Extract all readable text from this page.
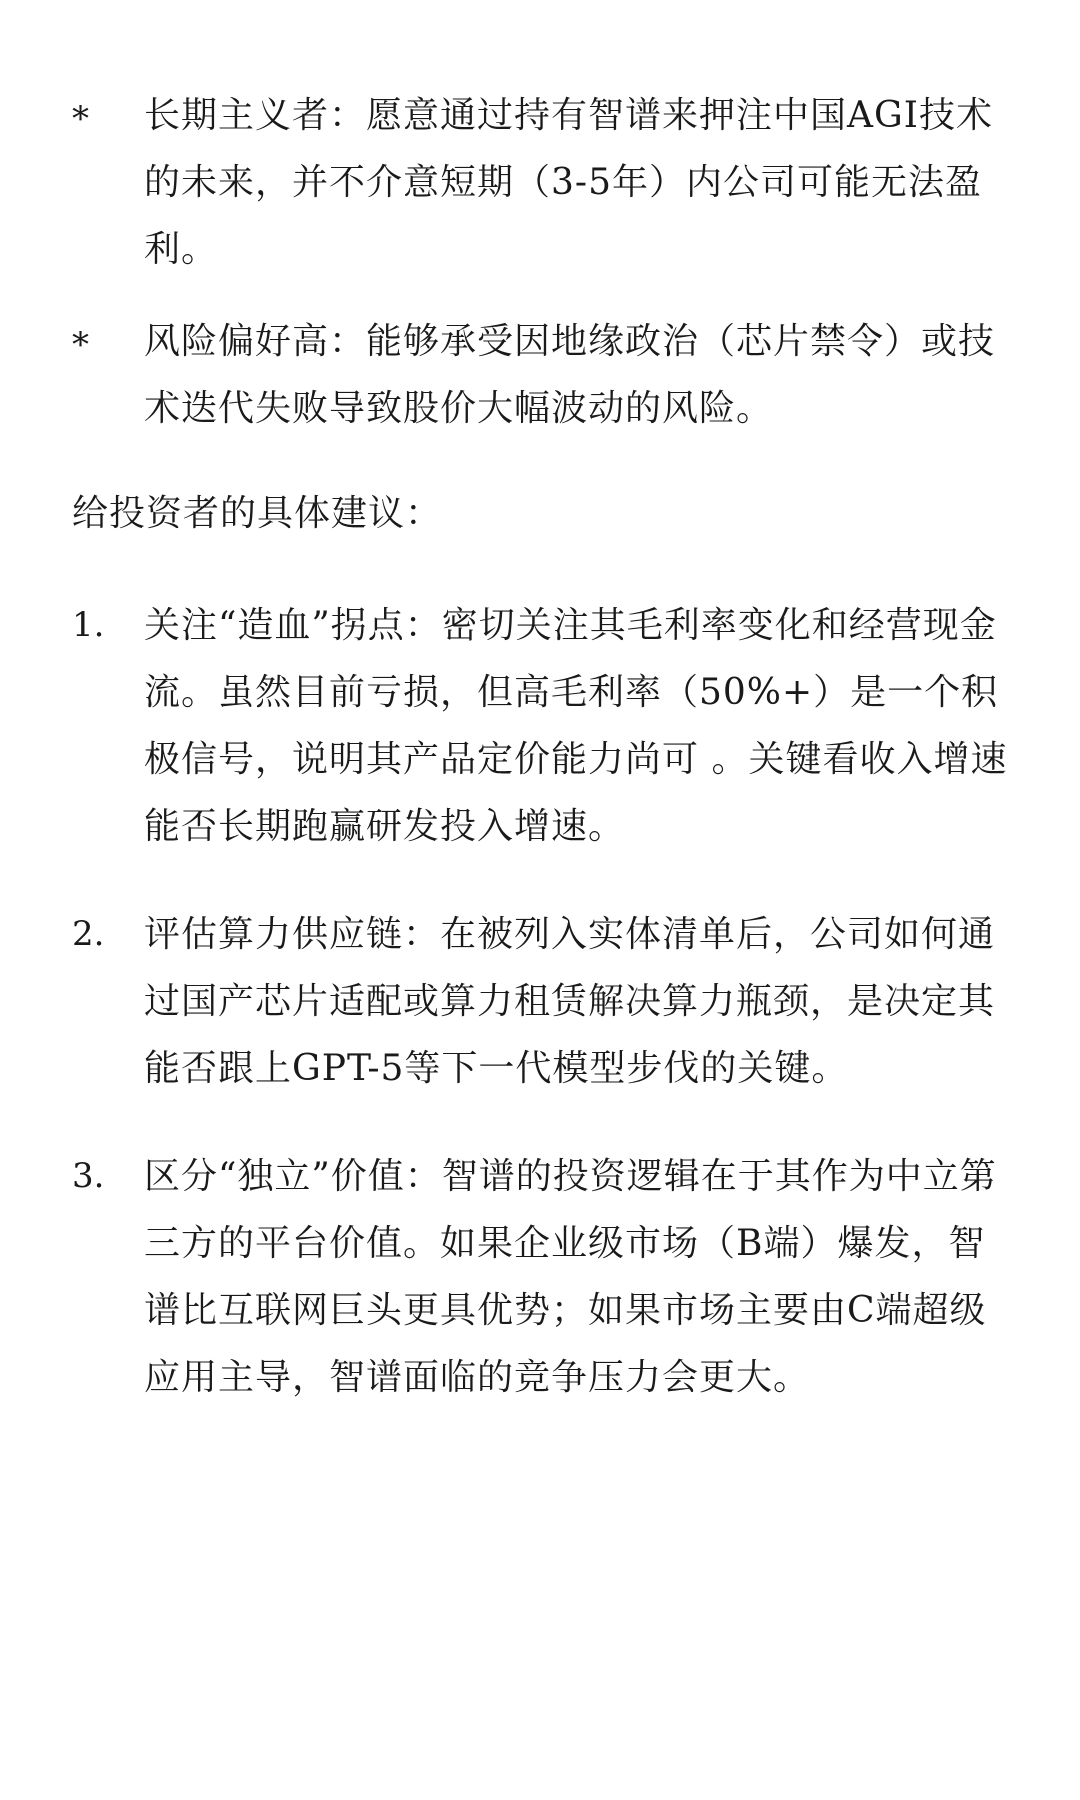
*	长期主义者：愿意通过持有智谱来押注中国AGI技术的未来，并不介意短期（3-5年）内公司可能无法盈利。
*	风险偏好高：能够承受因地缘政治（芯片禁令）或技术迭代失败导致股价大幅波动的风险。
给投资者的具体建议：
1.	关注“造血”拐点：密切关注其毛利率变化和经营现金流。虽然目前亏损，但高毛利率（50%+）是一个积极信号，说明其产品定价能力尚可 。关键看收入增速能否长期跑赢研发投入增速。
2.	评估算力供应链：在被列入实体清单后，公司如何通过国产芯片适配或算力租赁解决算力瓶颈，是决定其能否跟上GPT-5等下一代模型步伐的关键。
3.	区分“独立”价值：智谱的投资逻辑在于其作为中立第三方的平台价值。如果企业级市场（B端）爆发，智谱比互联网巨头更具优势；如果市场主要由C端超级应用主导，智谱面临的竞争压力会更大。
